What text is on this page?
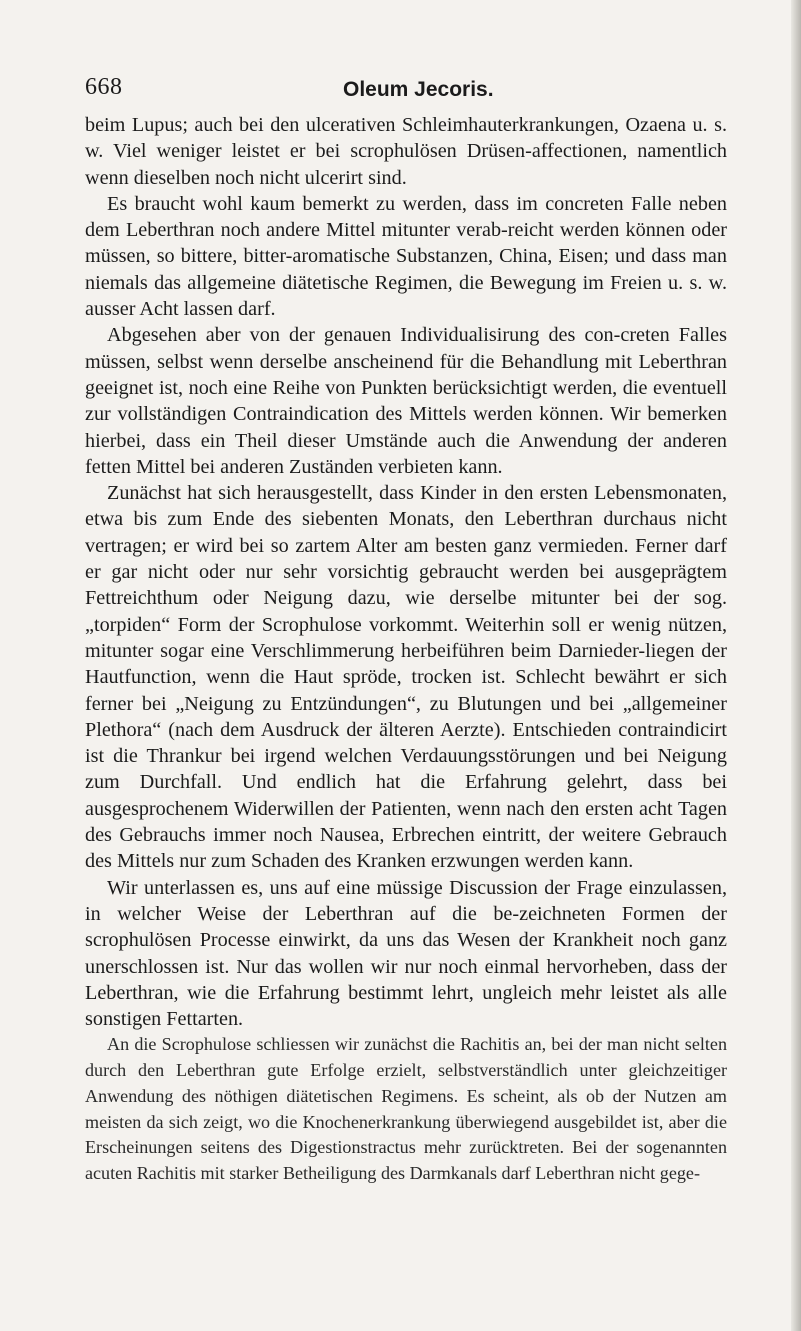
668	Oleum Jecoris.

beim Lupus; auch bei den ulcerativen Schleimhauterkrankungen, Ozaena u. s. w. Viel weniger leistet er bei scrophulösen Drüsen-affectionen, namentlich wenn dieselben noch nicht ulcerirt sind.

Es braucht wohl kaum bemerkt zu werden, dass im concreten Falle neben dem Leberthran noch andere Mittel mitunter verab-reicht werden können oder müssen, so bittere, bitter-aromatische Substanzen, China, Eisen; und dass man niemals das allgemeine diätetische Regimen, die Bewegung im Freien u. s. w. ausser Acht lassen darf.

Abgesehen aber von der genauen Individualisirung des con-creten Falles müssen, selbst wenn derselbe anscheinend für die Behandlung mit Leberthran geeignet ist, noch eine Reihe von Punkten berücksichtigt werden, die eventuell zur vollständigen Contraindication des Mittels werden können. Wir bemerken hierbei, dass ein Theil dieser Umstände auch die Anwendung der anderen fetten Mittel bei anderen Zuständen verbieten kann.

Zunächst hat sich herausgestellt, dass Kinder in den ersten Lebensmonaten, etwa bis zum Ende des siebenten Monats, den Leberthran durchaus nicht vertragen; er wird bei so zartem Alter am besten ganz vermieden. Ferner darf er gar nicht oder nur sehr vorsichtig gebraucht werden bei ausgeprägtem Fettreichthum oder Neigung dazu, wie derselbe mitunter bei der sog. „torpiden“ Form der Scrophulose vorkommt. Weiterhin soll er wenig nützen, mitunter sogar eine Verschlimmerung herbeiführen beim Darnieder-liegen der Hautfunction, wenn die Haut spröde, trocken ist. Schlecht bewährt er sich ferner bei „Neigung zu Entzündungen“, zu Blutungen und bei „allgemeiner Plethora“ (nach dem Ausdruck der älteren Aerzte). Entschieden contraindicirt ist die Thrankur bei irgend welchen Verdauungsstörungen und bei Neigung zum Durchfall. Und endlich hat die Erfahrung gelehrt, dass bei ausgesprochenem Widerwillen der Patienten, wenn nach den ersten acht Tagen des Gebrauchs immer noch Nausea, Erbrechen eintritt, der weitere Gebrauch des Mittels nur zum Schaden des Kranken erzwungen werden kann.

Wir unterlassen es, uns auf eine müssige Discussion der Frage einzulassen, in welcher Weise der Leberthran auf die be-zeichneten Formen der scrophulösen Processe einwirkt, da uns das Wesen der Krankheit noch ganz unerschlossen ist. Nur das wollen wir nur noch einmal hervorheben, dass der Leberthran, wie die Erfahrung bestimmt lehrt, ungleich mehr leistet als alle sonstigen Fettarten.

An die Scrophulose schliessen wir zunächst die Rachitis an, bei der man nicht selten durch den Leberthran gute Erfolge erzielt, selbstverständlich unter gleichzeitiger Anwendung des nöthigen diätetischen Regimens. Es scheint, als ob der Nutzen am meisten da sich zeigt, wo die Knochenerkrankung überwiegend ausgebildet ist, aber die Erscheinungen seitens des Digestionstractus mehr zurücktreten. Bei der sogenannten acuten Rachitis mit starker Betheiligung des Darmkanals darf Leberthran nicht gege-
